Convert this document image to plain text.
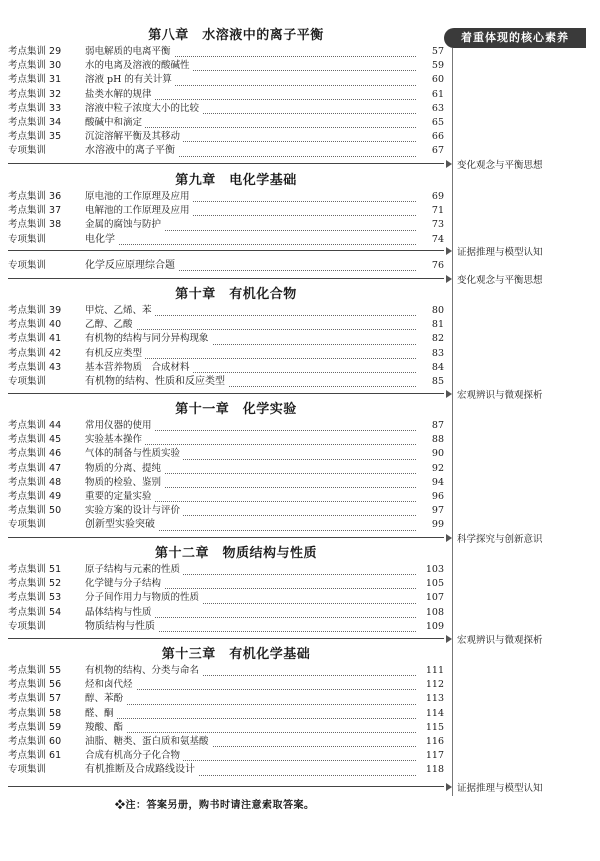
着重体现的核心素养
第八章　水溶液中的离子平衡
考点集训 29	弱电解质的电离平衡	57
考点集训 30	水的电离及溶液的酸碱性	59
考点集训 31	溶液 pH 的有关计算	60
考点集训 32	盐类水解的规律	61
考点集训 33	溶液中粒子浓度大小的比较	63
考点集训 34	酸碱中和滴定	65
考点集训 35	沉淀溶解平衡及其移动	66
专项集训	水溶液中的离子平衡	67
第九章　电化学基础
考点集训 36	原电池的工作原理及应用	69
考点集训 37	电解池的工作原理及应用	71
考点集训 38	金属的腐蚀与防护	73
专项集训	电化学	74
专项集训	化学反应原理综合题	76
第十章　有机化合物
考点集训 39	甲烷、乙烯、苯	80
考点集训 40	乙醇、乙酸	81
考点集训 41	有机物的结构与同分异构现象	82
考点集训 42	有机反应类型	83
考点集训 43	基本营养物质　合成材料	84
专项集训	有机物的结构、性质和反应类型	85
第十一章　化学实验
考点集训 44	常用仪器的使用	87
考点集训 45	实验基本操作	88
考点集训 46	气体的制备与性质实验	90
考点集训 47	物质的分离、提纯	92
考点集训 48	物质的检验、鉴别	94
考点集训 49	重要的定量实验	96
考点集训 50	实验方案的设计与评价	97
专项集训	创新型实验突破	99
第十二章　物质结构与性质
考点集训 51	原子结构与元素的性质	103
考点集训 52	化学键与分子结构	105
考点集训 53	分子间作用力与物质的性质	107
考点集训 54	晶体结构与性质	108
专项集训	物质结构与性质	109
第十三章　有机化学基础
考点集训 55	有机物的结构、分类与命名	111
考点集训 56	烃和卤代烃	112
考点集训 57	醇、苯酚	113
考点集训 58	醛、酮	114
考点集训 59	羧酸、酯	115
考点集训 60	油脂、糖类、蛋白质和氨基酸	116
考点集训 61	合成有机高分子化合物	117
专项集训	有机推断及合成路线设计	118
变化观念与平衡思想
证据推理与模型认知
变化观念与平衡思想
宏观辨识与微观探析
科学探究与创新意识
宏观辨识与微观探析
证据推理与模型认知
❖注：答案另册，购书时请注意索取答案。
